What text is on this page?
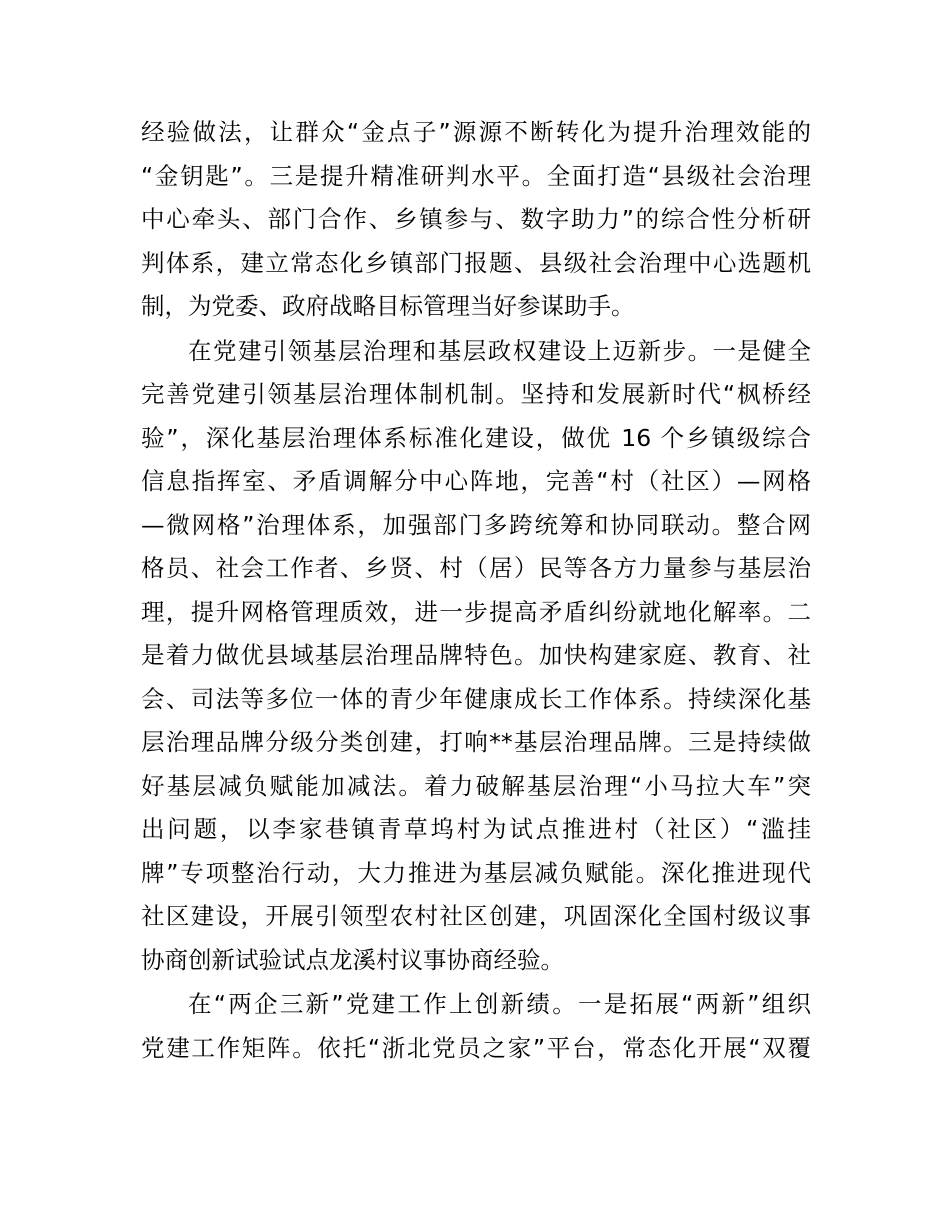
经验做法，让群众“金点子”源源不断转化为提升治理效能的
“金钥匙”。三是提升精准研判水平。全面打造“县级社会治理
中心牵头、部门合作、乡镇参与、数字助力”的综合性分析研
判体系，建立常态化乡镇部门报题、县级社会治理中心选题机
制，为党委、政府战略目标管理当好参谋助手。
在党建引领基层治理和基层政权建设上迈新步。一是健全
完善党建引领基层治理体制机制。坚持和发展新时代“枫桥经
验”，深化基层治理体系标准化建设，做优 16 个乡镇级综合
信息指挥室、矛盾调解分中心阵地，完善“村（社区）—网格
—微网格”治理体系，加强部门多跨统筹和协同联动。整合网
格员、社会工作者、乡贤、村（居）民等各方力量参与基层治
理，提升网格管理质效，进一步提高矛盾纠纷就地化解率。二
是着力做优县域基层治理品牌特色。加快构建家庭、教育、社
会、司法等多位一体的青少年健康成长工作体系。持续深化基
层治理品牌分级分类创建，打响**基层治理品牌。三是持续做
好基层减负赋能加减法。着力破解基层治理“小马拉大车”突
出问题，以李家巷镇青草坞村为试点推进村（社区）“滥挂
牌”专项整治行动，大力推进为基层减负赋能。深化推进现代
社区建设，开展引领型农村社区创建，巩固深化全国村级议事
协商创新试验试点龙溪村议事协商经验。
在“两企三新”党建工作上创新绩。一是拓展“两新”组织
党建工作矩阵。依托“浙北党员之家”平台，常态化开展“双覆
